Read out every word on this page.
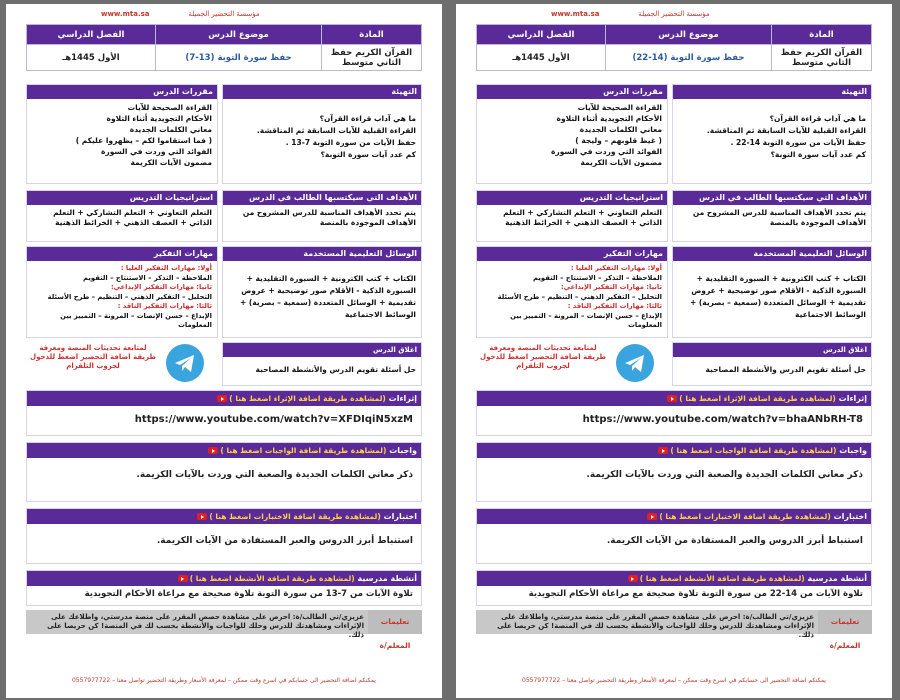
مؤسسة التحضير الجميلة
www.mta.sa
المادة	موضوع الدرس	الفصل الدراسي

القرآن الكريم حفظ
الثاني متوسط	حفظ سورة التوبة (13-7)	الأول 1445هـ
التهيئة
ما هي آداب قراءة القرآن؟
القراءة القبلية للآيات السابقة ثم المناقشة.
حفظ الآيات من سورة التوبة 7-13 .
كم عدد آيات سورة التوبة؟
مقررات الدرس
القراءة الصحيحة للآيات
الأحكام التجويدية أثناء التلاوة
معاني الكلمات الجديدة
( فما استقاموا لكم – يظهروا عليكم )
الفوائد التي وردت في السورة
مضمون الآيات الكريمة
الأهداف التي سيكتسبها الطالب في الدرس
يتم تحدد الأهداف المناسبة للدرس المشروح من الأهداف الموجودة بالمنصة
استراتيجيات التدريس
التعلم التعاوني + التعلم التشاركي + التعلم الذاتي + العصف الذهني + الخرائط الذهنية
الوسائل التعليمية المستخدمة
الكتاب + كتب الكترونية + السبورة التقليدية + السبورة الذكية - الأقلام صور توضيحية + عروض تقديمية + الوسائل المتعددة (سمعية – بصرية) + الوسائط الاجتماعية
مهارات التفكير
أولا: مهارات التفكير العليا :
الملاحظة – التذكر – الاستنتاج – التقويم
ثانيا: مهارات التفكير الإبداعي:
التحليل – التفكير الذهني – التنظيم – طرح الأسئلة
ثالثا: مهارات التفكير الناقد :
الإبداع – حسن الإنصات – المرونة – التمييز بين المعلومات
اغلاق الدرس
حل أسئلة تقويم الدرس والأنشطة المصاحبة
لمتابعة تحديثات المنصة ومعرفة طريقة اضافة التحضير اضغط للدخول لجروب التلقرام
إثراءات (لمشاهدة طريقة اضافة الإثراء اضغط هنا )
https://www.youtube.com/watch?v=XFDIqiN5xzM
واجبات (لمشاهدة طريقة اضافة الواجبات اضغط هنا )
ذكر معاني الكلمات الجديدة والصعبة التي وردت بالآيات الكريمة.
اختبارات (لمشاهدة طريقة اضافة الاختبارات اضغط هنا )
استنباط أبرز الدروس والعبر المستفادة من الآيات الكريمة.
أنشطة مدرسية (لمشاهدة طريقة اضافة الأنشطة اضغط هنا )
تلاوة الآيات من 7-13 من سورة التوبة تلاوة صحيحة مع مراعاة الأحكام التجويدية
تعليمات المعلم/ة
عزيزي/تي الطالب/ة: احرص على مشاهدة حصص المقرر على منصة مدرستي، واطلاعك على الإثراءات ومشاهدتك للدرس وحلك للواجبات والأنشطة بحسب لك في المنصة! كن حريصا على ذلك.
يمكنكم اضافة التحضير الى حسابكم في اسرع وقت ممكن – لمعرفة الأسعار وطريقة التحضير تواصل معنا – 0557977722
مؤسسة التحضير الجميلة
www.mta.sa
المادة	موضوع الدرس	الفصل الدراسي

القرآن الكريم حفظ
الثاني متوسط	حفظ سورة التوبة (14-22)	الأول 1445هـ
التهيئة
ما هي آداب قراءة القرآن؟
القراءة القبلية للآيات السابقة ثم المناقشة.
حفظ الآيات من سورة التوبة 14-22 .
كم عدد آيات سورة التوبة؟
مقررات الدرس
القراءة الصحيحة للآيات
الأحكام التجويدية أثناء التلاوة
معاني الكلمات الجديدة
( غيظ قلوبهم – وليجة )
الفوائد التي وردت في السورة
مضمون الآيات الكريمة
الأهداف التي سيكتسبها الطالب في الدرس
يتم تحدد الأهداف المناسبة للدرس المشروح من الأهداف الموجودة بالمنصة
استراتيجيات التدريس
التعلم التعاوني + التعلم التشاركي + التعلم الذاتي + العصف الذهني + الخرائط الذهنية
الوسائل التعليمية المستخدمة
الكتاب + كتب الكترونية + السبورة التقليدية + السبورة الذكية - الأقلام صور توضيحية + عروض تقديمية + الوسائل المتعددة (سمعية – بصرية) + الوسائط الاجتماعية
مهارات التفكير
أولا: مهارات التفكير العليا :
الملاحظة – التذكر – الاستنتاج – التقويم
ثانيا: مهارات التفكير الإبداعي:
التحليل – التفكير الذهني – التنظيم – طرح الأسئلة
ثالثا: مهارات التفكير الناقد :
الإبداع – حسن الإنصات – المرونة – التمييز بين المعلومات
اغلاق الدرس
حل أسئلة تقويم الدرس والأنشطة المصاحبة
لمتابعة تحديثات المنصة ومعرفة طريقة اضافة التحضير اضغط للدخول لجروب التلقرام
إثراءات (لمشاهدة طريقة اضافة الإثراء اضغط هنا )
https://www.youtube.com/watch?v=bhaANbRH-T8
واجبات (لمشاهدة طريقة اضافة الواجبات اضغط هنا )
ذكر معاني الكلمات الجديدة والصعبة التي وردت بالآيات الكريمة.
اختبارات (لمشاهدة طريقة اضافة الاختبارات اضغط هنا )
استنباط أبرز الدروس والعبر المستفادة من الآيات الكريمة.
أنشطة مدرسية (لمشاهدة طريقة اضافة الأنشطة اضغط هنا )
تلاوة الآيات من 14-22 من سورة التوبة تلاوة صحيحة مع مراعاة الأحكام التجويدية
تعليمات المعلم/ة
عزيزي/تي الطالب/ة: احرص على مشاهدة حصص المقرر على منصة مدرستي، واطلاعك على الإثراءات ومشاهدتك للدرس وحلك للواجبات والأنشطة بحسب لك في المنصة! كن حريصا على ذلك.
يمكنكم اضافة التحضير الى حسابكم في اسرع وقت ممكن – لمعرفة الأسعار وطريقة التحضير تواصل معنا – 0557977722
